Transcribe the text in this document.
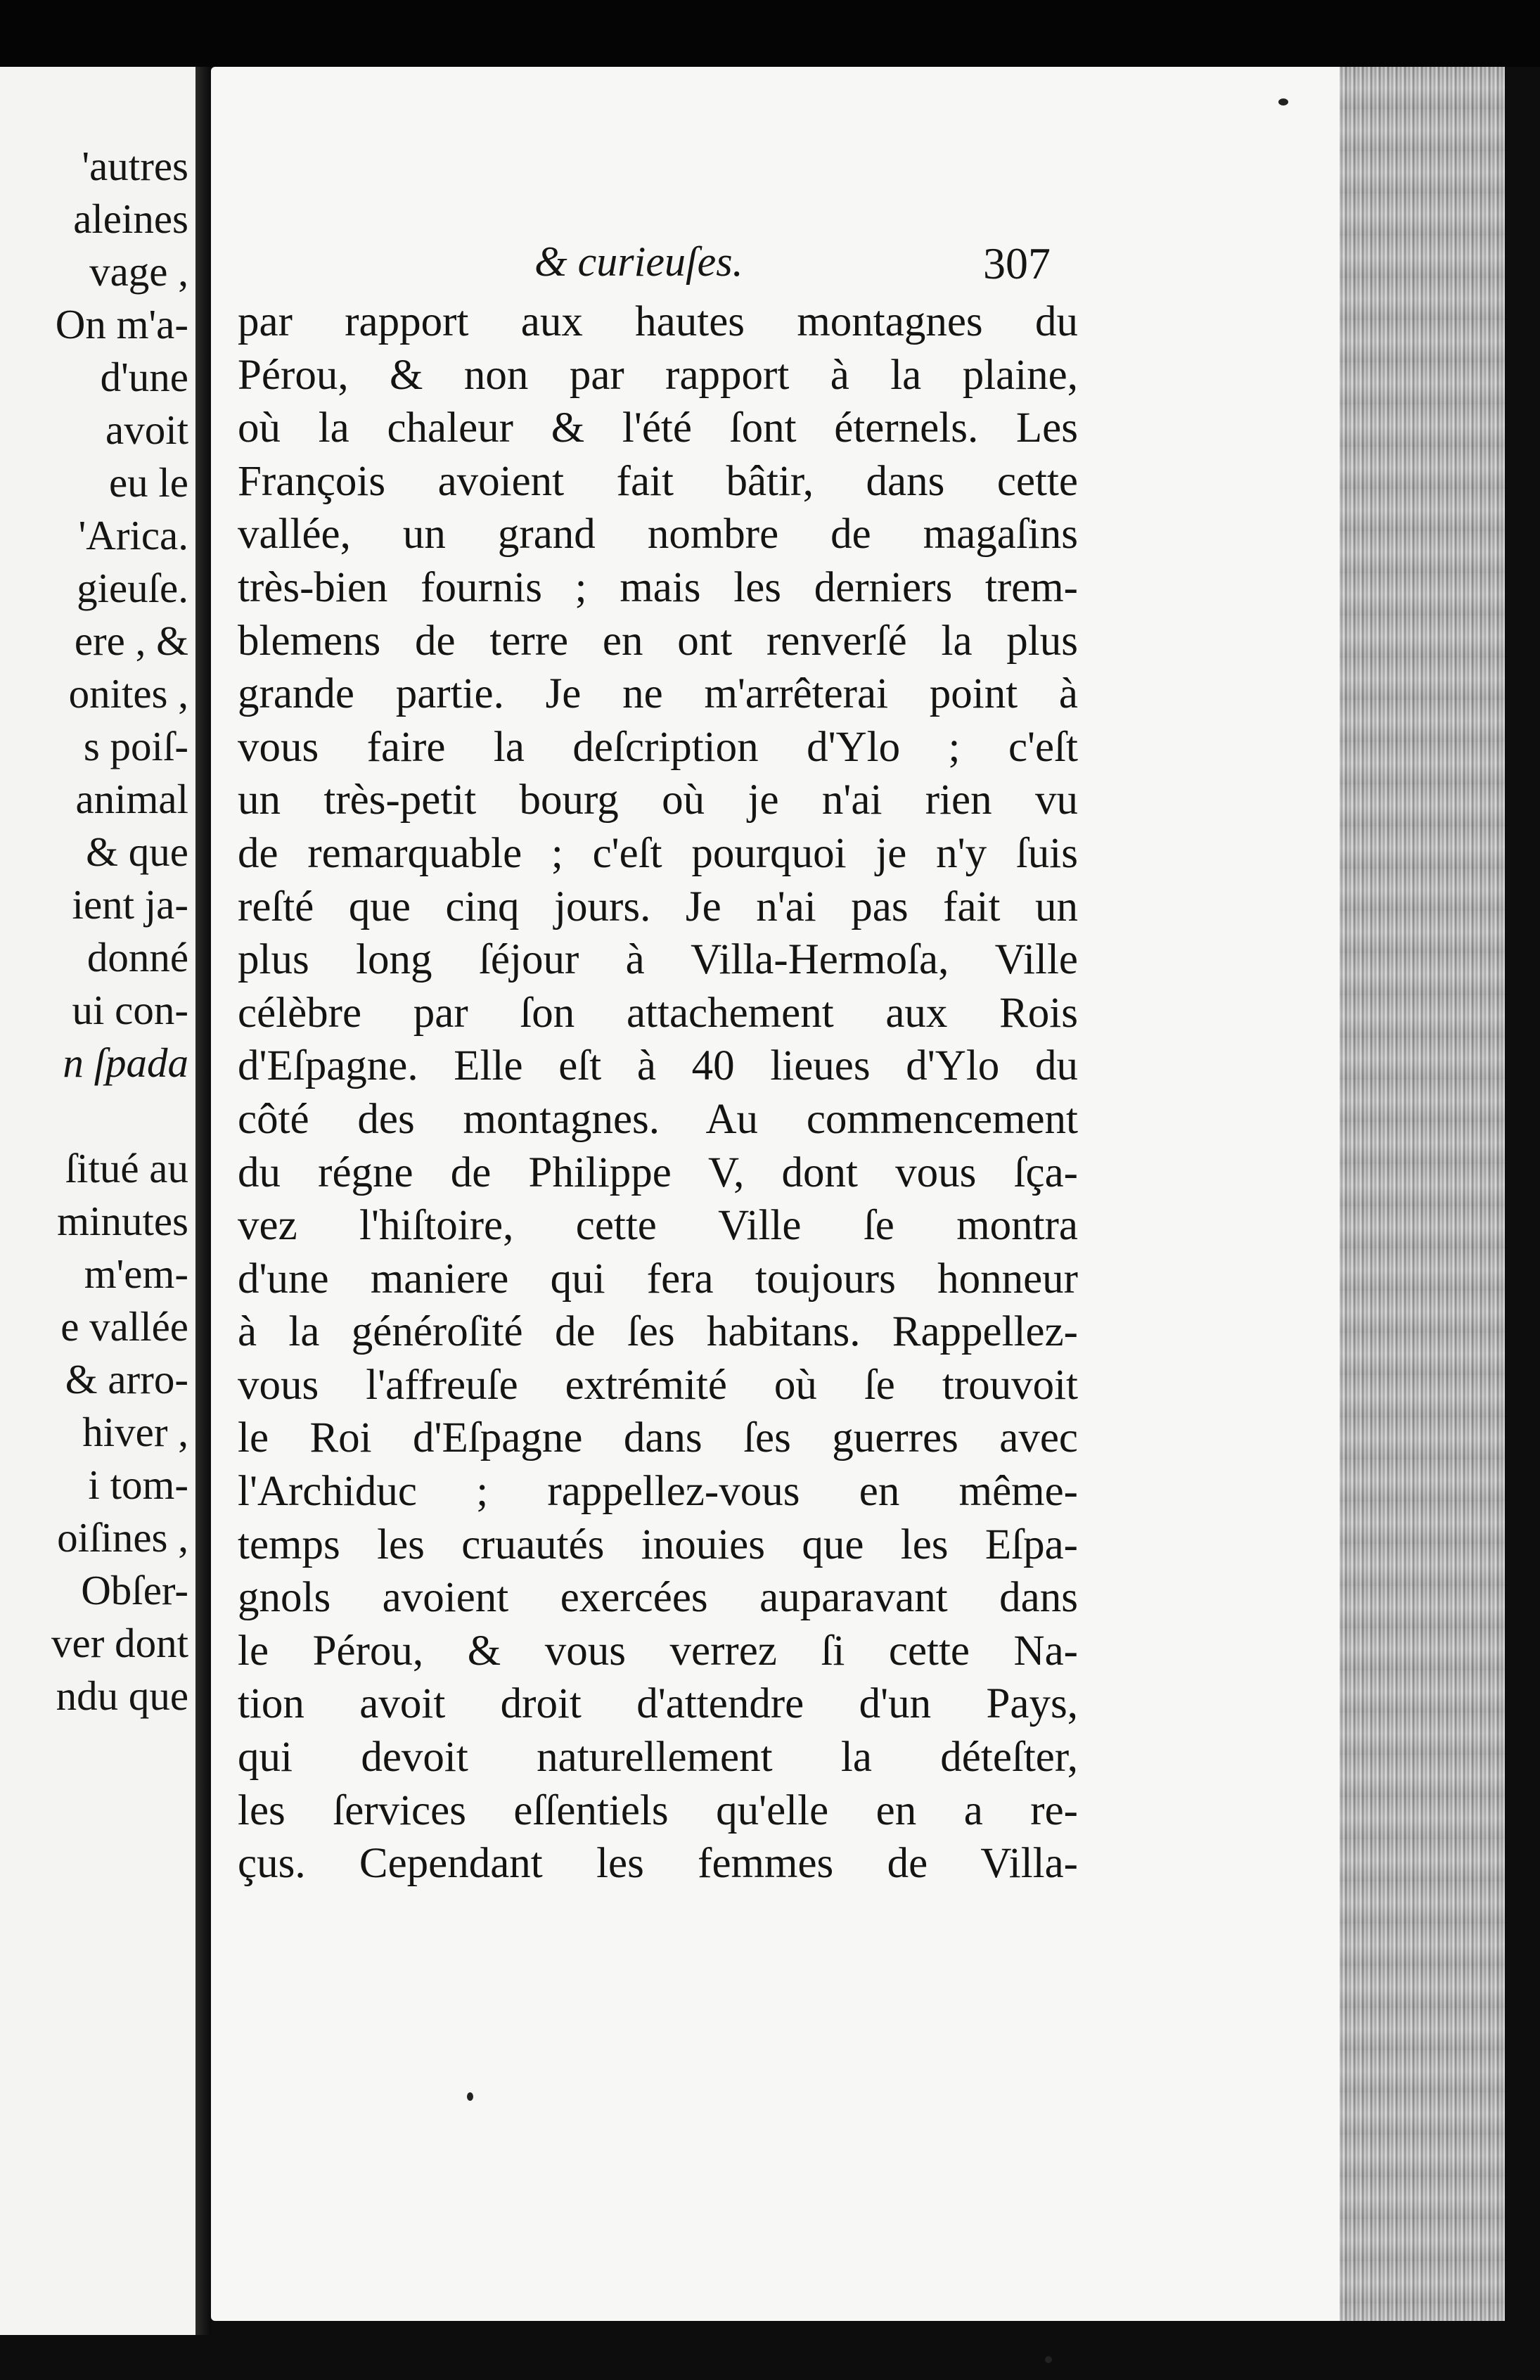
'autres
aleines
vage ,
On m'a-
d'une
avoit
eu le
'Arica.
gieuſe.
ere , &
onites ,
s poiſ-
animal
& que
ient ja-
donné
ui con-
n ſpada
ſitué au
minutes
m'em-
e vallée
& arro-
hiver ,
i tom-
oiſines ,
Obſer-
ver dont
ndu que
& curieuſes.	307
par rapport aux hautes montagnes du
Pérou, & non par rapport à la plaine,
où la chaleur & l'été ſont éternels. Les
François avoient fait bâtir, dans cette
vallée, un grand nombre de magaſins
très-bien fournis ; mais les derniers trem-
blemens de terre en ont renverſé la plus
grande partie. Je ne m'arrêterai point à
vous faire la deſcription d'Ylo ; c'eſt
un très-petit bourg où je n'ai rien vu
de remarquable ; c'eſt pourquoi je n'y ſuis
reſté que cinq jours. Je n'ai pas fait un
plus long ſéjour à Villa-Hermoſa, Ville
célèbre par ſon attachement aux Rois
d'Eſpagne. Elle eſt à 40 lieues d'Ylo du
côté des montagnes. Au commencement
du régne de Philippe V, dont vous ſça-
vez l'hiſtoire, cette Ville ſe montra
d'une maniere qui fera toujours honneur
à la généroſité de ſes habitans. Rappellez-
vous l'affreuſe extrémité où ſe trouvoit
le Roi d'Eſpagne dans ſes guerres avec
l'Archiduc ; rappellez-vous en même-
temps les cruautés inouies que les Eſpa-
gnols avoient exercées auparavant dans
le Pérou, & vous verrez ſi cette Na-
tion avoit droit d'attendre d'un Pays,
qui devoit naturellement la déteſter,
les ſervices eſſentiels qu'elle en a re-
çus. Cependant les femmes de Villa-
